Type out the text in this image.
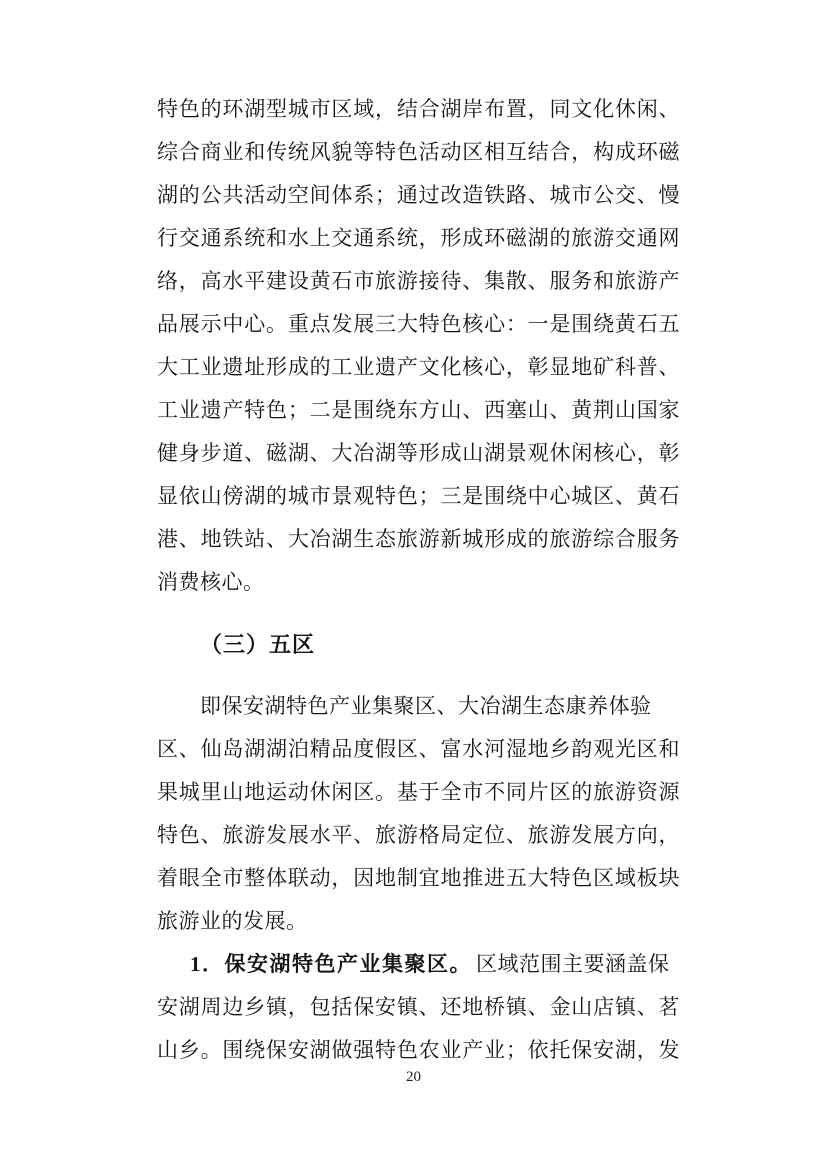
特色的环湖型城市区域，结合湖岸布置，同文化休闲、
综合商业和传统风貌等特色活动区相互结合，构成环磁
湖的公共活动空间体系；通过改造铁路、城市公交、慢
行交通系统和水上交通系统，形成环磁湖的旅游交通网
络，高水平建设黄石市旅游接待、集散、服务和旅游产
品展示中心。重点发展三大特色核心：一是围绕黄石五
大工业遗址形成的工业遗产文化核心，彰显地矿科普、
工业遗产特色；二是围绕东方山、西塞山、黄荆山国家
健身步道、磁湖、大冶湖等形成山湖景观休闲核心，彰
显依山傍湖的城市景观特色；三是围绕中心城区、黄石
港、地铁站、大冶湖生态旅游新城形成的旅游综合服务
消费核心。
（三）五区
即保安湖特色产业集聚区、大冶湖生态康养体验
区、仙岛湖湖泊精品度假区、富水河湿地乡韵观光区和
果城里山地运动休闲区。基于全市不同片区的旅游资源
特色、旅游发展水平、旅游格局定位、旅游发展方向，
着眼全市整体联动，因地制宜地推进五大特色区域板块
旅游业的发展。
1．保安湖特色产业集聚区。 区域范围主要涵盖保
安湖周边乡镇，包括保安镇、还地桥镇、金山店镇、茗
山乡。围绕保安湖做强特色农业产业；依托保安湖，发
20
